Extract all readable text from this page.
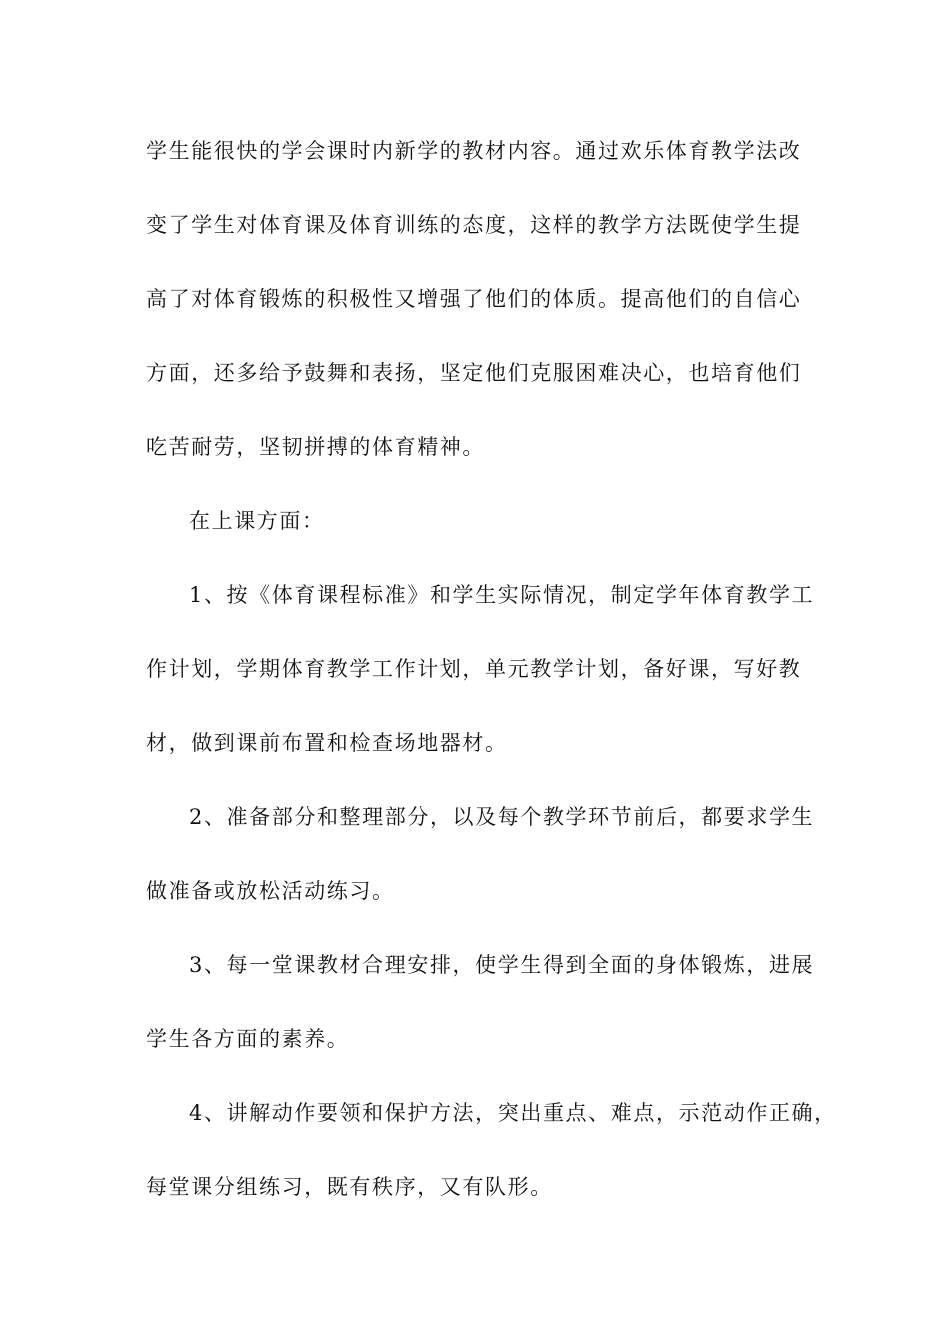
学生能很快的学会课时内新学的教材内容。通过欢乐体育教学法改
变了学生对体育课及体育训练的态度，这样的教学方法既使学生提
高了对体育锻炼的积极性又增强了他们的体质。提高他们的自信心
方面，还多给予鼓舞和表扬，坚定他们克服困难决心，也培育他们
吃苦耐劳，坚韧拼搏的体育精神。
在上课方面：
1、按《体育课程标准》和学生实际情况，制定学年体育教学工
作计划，学期体育教学工作计划，单元教学计划，备好课，写好教
材，做到课前布置和检查场地器材。
2、准备部分和整理部分，以及每个教学环节前后，都要求学生
做准备或放松活动练习。
3、每一堂课教材合理安排，使学生得到全面的身体锻炼，进展
学生各方面的素养。
4、讲解动作要领和保护方法，突出重点、难点，示范动作正确，
每堂课分组练习，既有秩序，又有队形。
